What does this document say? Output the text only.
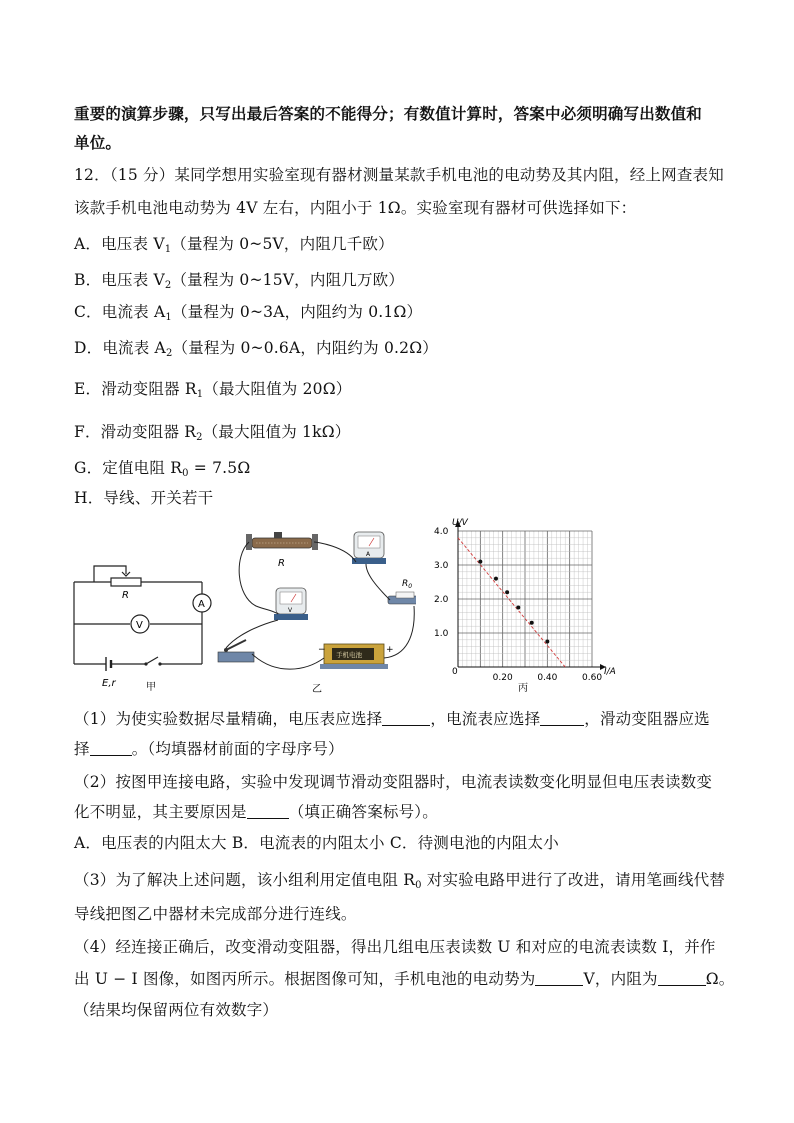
重要的演算步骤，只写出最后答案的不能得分；有数值计算时，答案中必须明确写出数值和
单位。
12．（15 分）某同学想用实验室现有器材测量某款手机电池的电动势及其内阻，经上网查表知
该款手机电池电动势为 4V 左右，内阻小于 1Ω。实验室现有器材可供选择如下：
A．电压表 $V_1$（量程为 0~5V，内阻几千欧）
B．电压表 $V_2$（量程为 0~15V，内阻几万欧）
C．电流表 $A_1$（量程为 0~3A，内阻约为 0.1Ω）
D．电流表 $A_2$（量程为 0~0.6A，内阻约为 0.2Ω）
E．滑动变阻器 $R_1$（最大阻值为 20Ω）
F．滑动变阻器 $R_2$（最大阻值为 1kΩ）
G．定值电阻 $R_0 = 7.5\Omega$
H．导线、开关若干
R
A
V
E,r	甲
R
V
A
$R_0$
手机电池
−	+
乙
4.0
3.0
2.0
1.0
0.20	0.40	0.60
U/V
I/A
0
丙
（1）为使实验数据尽量精确，电压表应选择	，电流表应选择	，滑动变阻器应选
择	。（均填器材前面的字母序号）
（2）按图甲连接电路，实验中发现调节滑动变阻器时，电流表读数变化明显但电压表读数变
化不明显，其主要原因是	（填正确答案标号）。
A．电压表的内阻太大 B．电流表的内阻太小 C．待测电池的内阻太小
（3）为了解决上述问题，该小组利用定值电阻 $R_0$ 对实验电路甲进行了改进，请用笔画线代替
导线把图乙中器材未完成部分进行连线。
（4）经连接正确后，改变滑动变阻器，得出几组电压表读数 U 和对应的电流表读数 I，并作
出 U − I 图像，如图丙所示。根据图像可知，手机电池的电动势为	V，内阻为	Ω。
（结果均保留两位有效数字）
